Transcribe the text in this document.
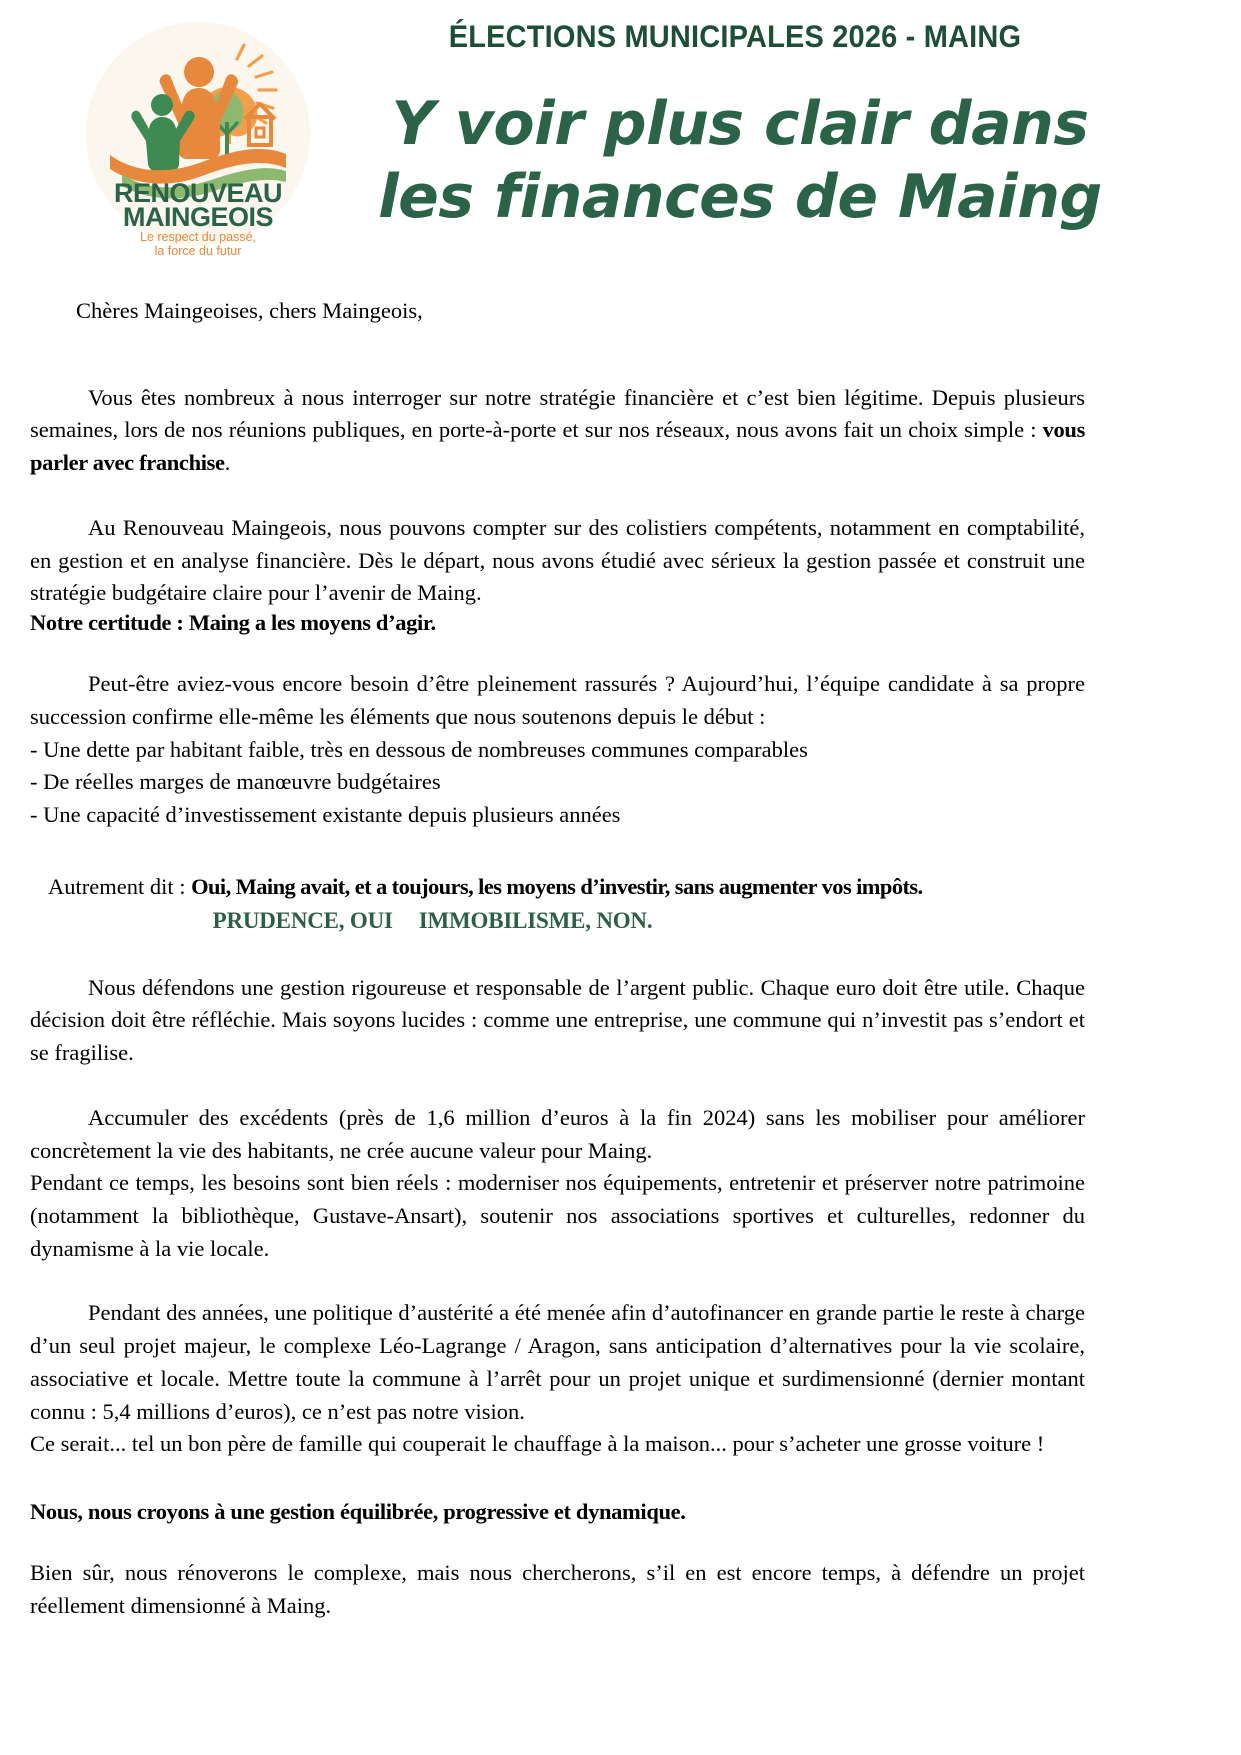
RENOUVEAU
MAINGEOIS
Le respect du passé,
la force du futur
ÉLECTIONS MUNICIPALES 2026 - MAING
Y voir plus clair dans
les finances de Maing

Chères Maingeoises, chers Maingeois,

Vous êtes nombreux à nous interroger sur notre stratégie financière et c’est bien légitime. Depuis plusieurs semaines, lors de nos réunions publiques, en porte-à-porte et sur nos réseaux, nous avons fait un choix simple : vous parler avec franchise.

Au Renouveau Maingeois, nous pouvons compter sur des colistiers compétents, notamment en comptabilité, en gestion et en analyse financière. Dès le départ, nous avons étudié avec sérieux la gestion passée et construit une stratégie budgétaire claire pour l’avenir de Maing.

Notre certitude : Maing a les moyens d’agir.

Peut-être aviez-vous encore besoin d’être pleinement rassurés ? Aujourd’hui, l’équipe candidate à sa propre succession confirme elle-même les éléments que nous soutenons depuis le début :

- Une dette par habitant faible, très en dessous de nombreuses communes comparables

- De réelles marges de manœuvre budgétaires

- Une capacité d’investissement existante depuis plusieurs années

Autrement dit : Oui, Maing avait, et a toujours, les moyens d’investir, sans augmenter vos impôts.

PRUDENCE, OUI IMMOBILISME, NON.

Nous défendons une gestion rigoureuse et responsable de l’argent public. Chaque euro doit être utile. Chaque décision doit être réfléchie. Mais soyons lucides : comme une entreprise, une commune qui n’investit pas s’endort et se fragilise.

Accumuler des excédents (près de 1,6 million d’euros à la fin 2024) sans les mobiliser pour améliorer concrètement la vie des habitants, ne crée aucune valeur pour Maing.

Pendant ce temps, les besoins sont bien réels : moderniser nos équipements, entretenir et préserver notre patrimoine (notamment la bibliothèque, Gustave-Ansart), soutenir nos associations sportives et culturelles, redonner du dynamisme à la vie locale.

Pendant des années, une politique d’austérité a été menée afin d’autofinancer en grande partie le reste à charge d’un seul projet majeur, le complexe Léo-Lagrange / Aragon, sans anticipation d’alternatives pour la vie scolaire, associative et locale. Mettre toute la commune à l’arrêt pour un projet unique et surdimensionné (dernier montant connu : 5,4 millions d’euros), ce n’est pas notre vision.

Ce serait... tel un bon père de famille qui couperait le chauffage à la maison... pour s’acheter une grosse voiture !

Nous, nous croyons à une gestion équilibrée, progressive et dynamique.

Bien sûr, nous rénoverons le complexe, mais nous chercherons, s’il en est encore temps, à défendre un projet réellement dimensionné à Maing.
